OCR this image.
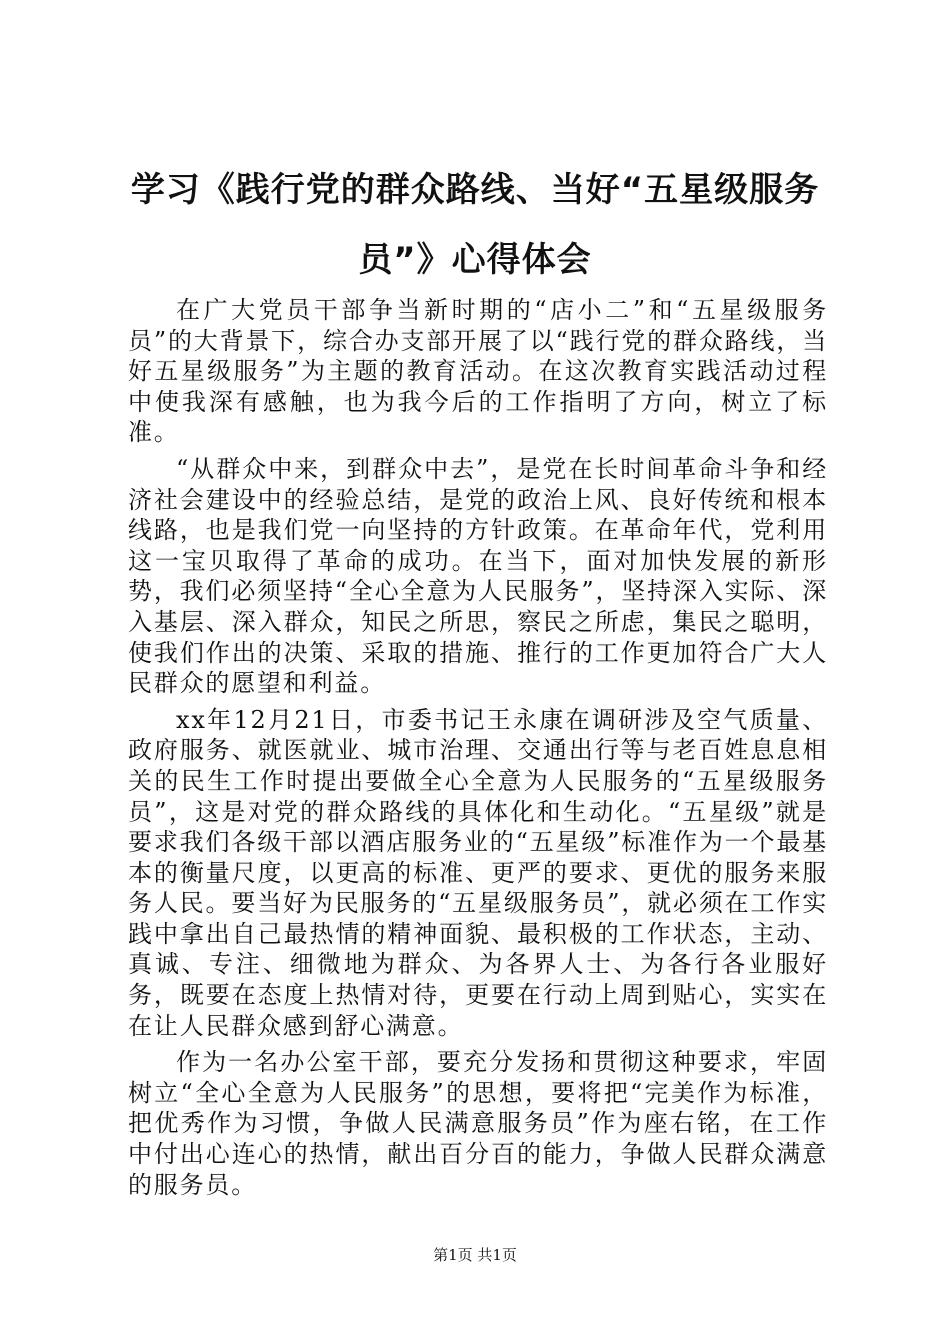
学习《践行党的群众路线、当好“五星级服务员”》心得体会

在广大党员干部争当新时期的“店小二”和“五星级服务员”的大背景下，综合办支部开展了以“践行党的群众路线，当好五星级服务”为主题的教育活动。在这次教育实践活动过程中使我深有感触，也为我今后的工作指明了方向，树立了标准。

“从群众中来，到群众中去”，是党在长时间革命斗争和经济社会建设中的经验总结，是党的政治上风、良好传统和根本线路，也是我们党一向坚持的方针政策。在革命年代，党利用这一宝贝取得了革命的成功。在当下，面对加快发展的新形势，我们必须坚持“全心全意为人民服务”，坚持深入实际、深入基层、深入群众，知民之所思，察民之所虑，集民之聪明，使我们作出的决策、采取的措施、推行的工作更加符合广大人民群众的愿望和利益。

xx年12月21日，市委书记王永康在调研涉及空气质量、政府服务、就医就业、城市治理、交通出行等与老百姓息息相关的民生工作时提出要做全心全意为人民服务的“五星级服务员”，这是对党的群众路线的具体化和生动化。“五星级”就是要求我们各级干部以酒店服务业的“五星级”标准作为一个最基本的衡量尺度，以更高的标准、更严的要求、更优的服务来服务人民。要当好为民服务的“五星级服务员”，就必须在工作实践中拿出自己最热情的精神面貌、最积极的工作状态，主动、真诚、专注、细微地为群众、为各界人士、为各行各业服好务，既要在态度上热情对待，更要在行动上周到贴心，实实在在让人民群众感到舒心满意。

作为一名办公室干部，要充分发扬和贯彻这种要求，牢固树立“全心全意为人民服务”的思想，要将把“完美作为标准，把优秀作为习惯，争做人民满意服务员”作为座右铭，在工作中付出心连心的热情，献出百分百的能力，争做人民群众满意的服务员。

第1页 共1页
